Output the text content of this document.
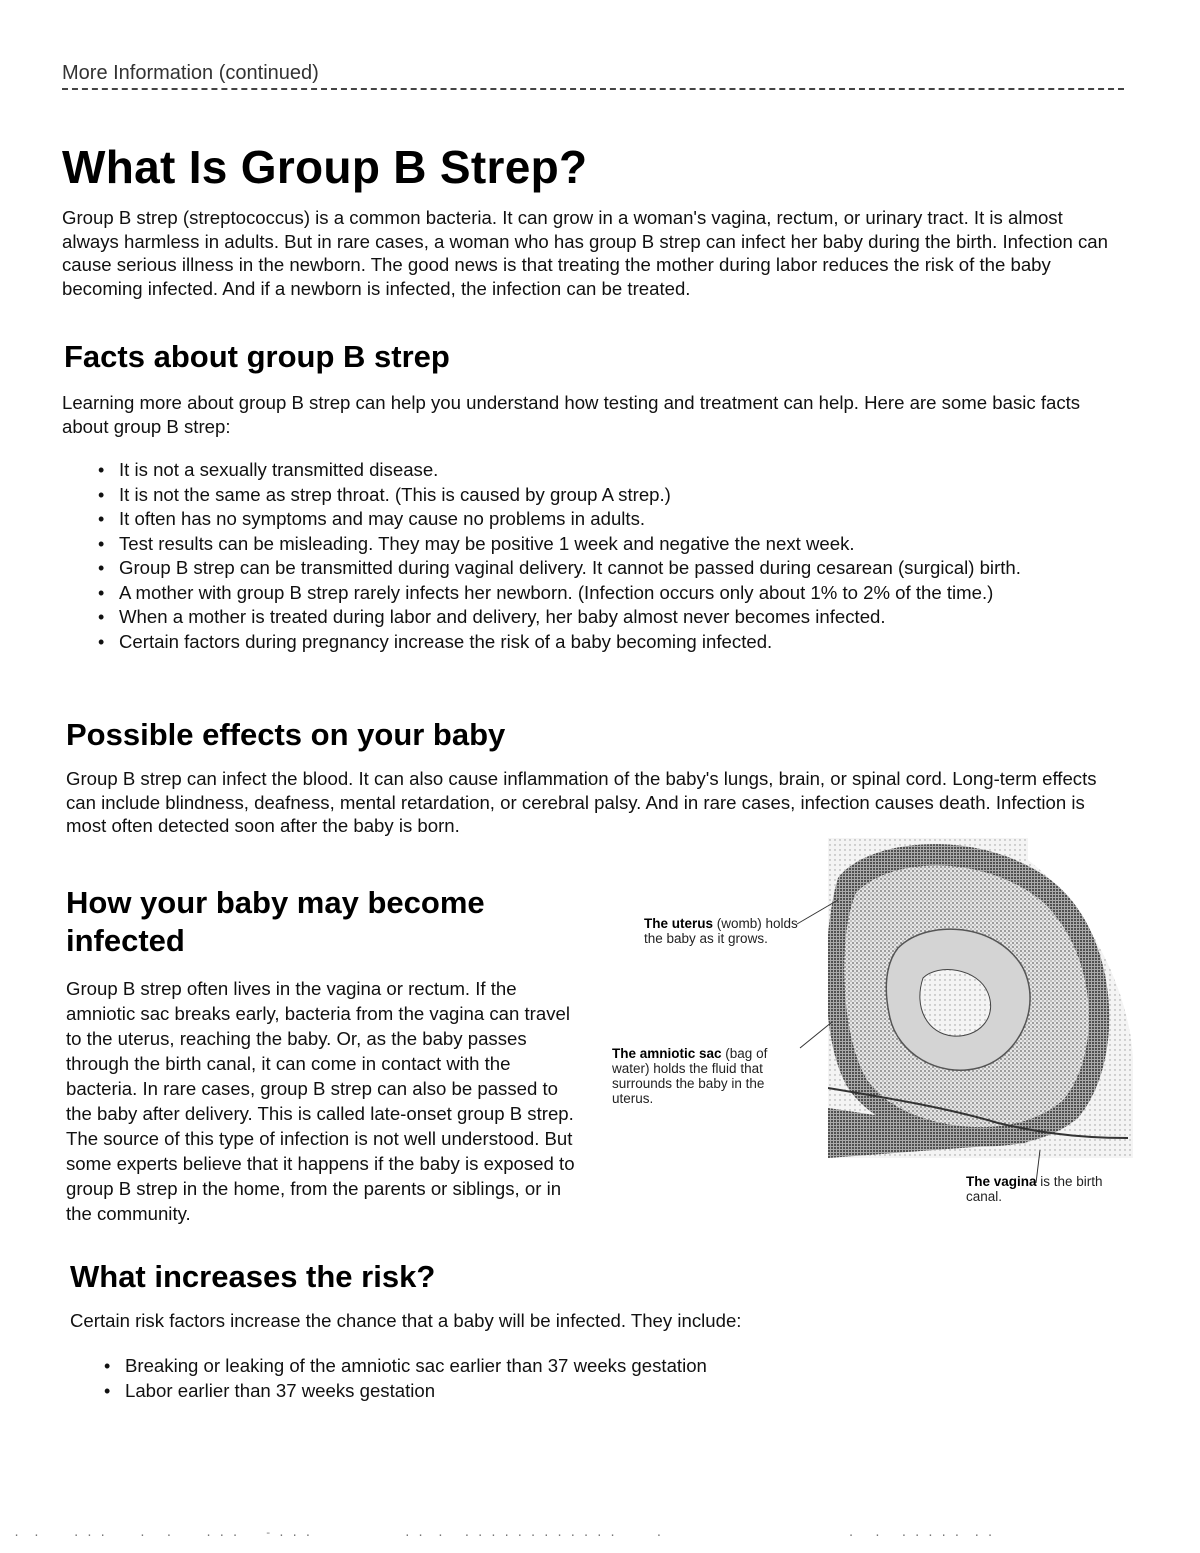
More Information (continued)
What Is Group B Strep?

Group B strep (streptococcus) is a common bacteria. It can grow in a woman's vagina, rectum, or urinary tract. It is almost always harmless in adults. But in rare cases, a woman who has group B strep can infect her baby during the birth. Infection can cause serious illness in the newborn. The good news is that treating the mother during labor reduces the risk of the baby becoming infected. And if a newborn is infected, the infection can be treated.

Facts about group B strep

Learning more about group B strep can help you understand how testing and treatment can help. Here are some basic facts about group B strep:

• It is not a sexually transmitted disease.
• It is not the same as strep throat. (This is caused by group A strep.)
• It often has no symptoms and may cause no problems in adults.
• Test results can be misleading. They may be positive 1 week and negative the next week.
• Group B strep can be transmitted during vaginal delivery. It cannot be passed during cesarean (surgical) birth.
• A mother with group B strep rarely infects her newborn. (Infection occurs only about 1% to 2% of the time.)
• When a mother is treated during labor and delivery, her baby almost never becomes infected.
• Certain factors during pregnancy increase the risk of a baby becoming infected.
Possible effects on your baby

Group B strep can infect the blood. It can also cause inflammation of the baby's lungs, brain, or spinal cord. Long-term effects can include blindness, deafness, mental retardation, or cerebral palsy. And in rare cases, infection causes death. Infection is most often detected soon after the baby is born.

How your baby may become infected

Group B strep often lives in the vagina or rectum. If the amniotic sac breaks early, bacteria from the vagina can travel to the uterus, reaching the baby. Or, as the baby passes through the birth canal, it can come in contact with the bacteria. In rare cases, group B strep can also be passed to the baby after delivery. This is called late-onset group B strep. The source of this type of infection is not well understood. But some experts believe that it happens if the baby is exposed to group B strep in the home, from the parents or siblings, or in the community.

The uterus (womb) holds the baby as it grows.
The amniotic sac (bag of water) holds the fluid that surrounds the baby in the uterus.
The vagina is the birth canal.
What increases the risk?

Certain risk factors increase the chance that a baby will be infected. They include:

• Breaking or leaking of the amniotic sac earlier than 37 weeks gestation
• Labor earlier than 37 weeks gestation
.  .     . . .     .   .     . . .    - . . .              . .  .   . . . . . . . . . . . .      .                            .   .   . . . . .  . .
